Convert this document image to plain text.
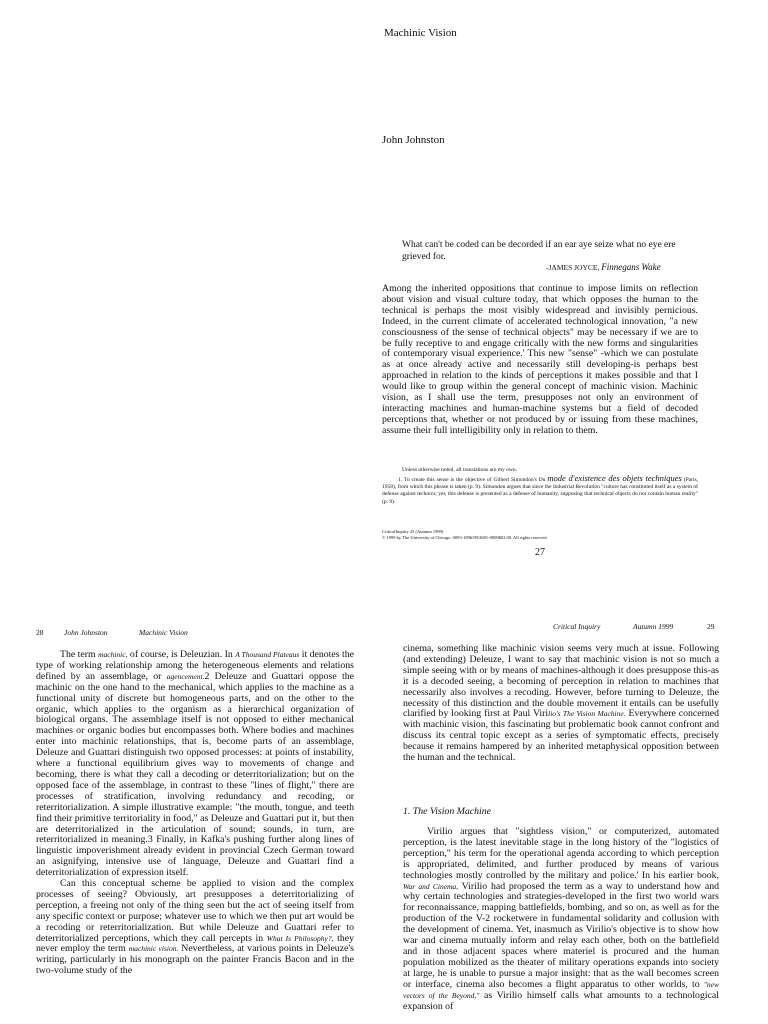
Machinic Vision
John Johnston
What can't be coded can be decorded if an ear aye seize what no eye ere grieved for.
-JAMES JOYCE, Finnegans Wake

Among the inherited oppositions that continue to impose limits on reflection about vision and visual culture today, that which opposes the human to the technical is perhaps the most visibly widespread and invisibly pernicious. Indeed, in the current climate of accelerated technological innovation, "a new consciousness of the sense of technical objects" may be necessary if we are to be fully receptive to and engage critically with the new forms and singularities of contemporary visual experience.' This new "sense" -which we can postulate as at once already active and necessarily still developing-is perhaps best approached in relation to the kinds of perceptions it makes possible and that I would like to group within the general concept of machinic vision. Machinic vision, as I shall use the term, presupposes not only an environment of interacting machines and human-machine systems but a field of decoded perceptions that, whether or not produced by or issuing from these machines, assume their full intelligibility only in relation to them.

Unless otherwise noted, all translations are my own.

1. To create this sense is the objective of Gilbert Simondon's Du mode d'existence des objets techniques (Paris, 1958), from which this phrase is taken (p. 9). Simondon argues that since the Industrial Revolution "culture has constituted itself as a system of defense against technics; yet, this defense is presented as a defense of humanity, supposing that technical objects do not contain human reality" (p. 9).

CriticalInquiry 25 (Autumn 1999)
© 1999 by The University of Chicago. 0093-1896/99/2601-0009$02.00. All rights reserved.
27
28	John Johnston	Machinic Vision

The term machinic, of course, is Deleuzian. In A Thousand Plateaus it denotes the type of working relationship among the heterogeneous elements and relations defined by an assemblage, or agencement.2 Deleuze and Guattari oppose the machinic on the one hand to the mechanical, which applies to the machine as a functional unity of discrete but homogeneous parts, and on the other to the organic, which applies to the organism as a hierarchical organization of biological organs. The assemblage itself is not opposed to either mechanical machines or organic bodies but encompasses both. Where bodies and machines enter into machinic relationships, that is, become parts of an assemblage, Deleuze and Guattari distinguish two opposed processes: at points of instability, where a functional equilibrium gives way to movements of change and becoming, there is what they call a decoding or deterritorialization; but on the opposed face of the assemblage, in contrast to these "lines of flight," there are processes of stratification, involving redundancy and recoding, or reterritorialization. A simple illustrative example: "the mouth, tongue, and teeth find their primitive territoriality in food," as Deleuze and Guattari put it, but then are deterritorialized in the articulation of sound; sounds, in turn, are reterritorialized in meaning.3 Finally, in Kafka's pushing further along lines of linguistic impoverishment already evident in provincial Czech German toward an asignifying, intensive use of language, Deleuze and Guattari find a deterritorialization of expression itself.

Can this conceptual scheme be applied to vision and the complex processes of seeing? Obviously, art presupposes a deterritorializing of perception, a freeing not only of the thing seen but the act of seeing itself from any specific context or purpose; whatever use to which we then put art would be a recoding or reterritorialization. But while Deleuze and Guattari refer to deterritorialized perceptions, which they call percepts in What Is Philosophy?, they never employ the term machinic vision. Nevertheless, at various points in Deleuze's writing, particularly in his monograph on the painter Francis Bacon and in the two-volume study of the

Critical Inquiry	Autumn 1999	29

cinema, something like machinic vision seems very much at issue. Following (and extending) Deleuze, I want to say that machinic vision is not so much a simple seeing with or by means of machines-although it does presuppose this-as it is a decoded seeing, a becoming of perception in relation to machines that necessarily also involves a recoding. However, before turning to Deleuze, the necessity of this distinction and the double movement it entails can be usefully clarified by looking first at Paul Virilio's The Vision Machine. Everywhere concerned with machinic vision, this fascinating but problematic book cannot confront and discuss its central topic except as a series of symptomatic effects, precisely because it remains hampered by an inherited metaphysical opposition between the human and the technical.

1. The Vision Machine

Virilio argues that "sightless vision," or computerized, automated perception, is the latest inevitable stage in the long history of the "logistics of perception," his term for the operational agenda according to which perception is appropriated, delimited, and further produced by means of various technologies mostly controlled by the military and police.' In his earlier book, War and Cinema, Virilio had proposed the term as a way to understand how and why certain technologies and strategies-developed in the first two world wars for reconnaissance, mapping battlefields, bombing, and so on, as well as for the production of the V-2 rocketwere in fundamental solidarity and collusion with the development of cinema. Yet, inasmuch as Virilio's objective is to show how war and cinema mutually inform and relay each other, both on the battlefield and in those adjacent spaces where materiel is procured and the human population mobilized as the theater of military operations expands into society at large, he is unable to pursue a major insight: that as the wall becomes screen or interface, cinema also becomes a flight apparatus to other worlds, to "new vectors of the Beyond," as Virilio himself calls what amounts to a technological expansion of
